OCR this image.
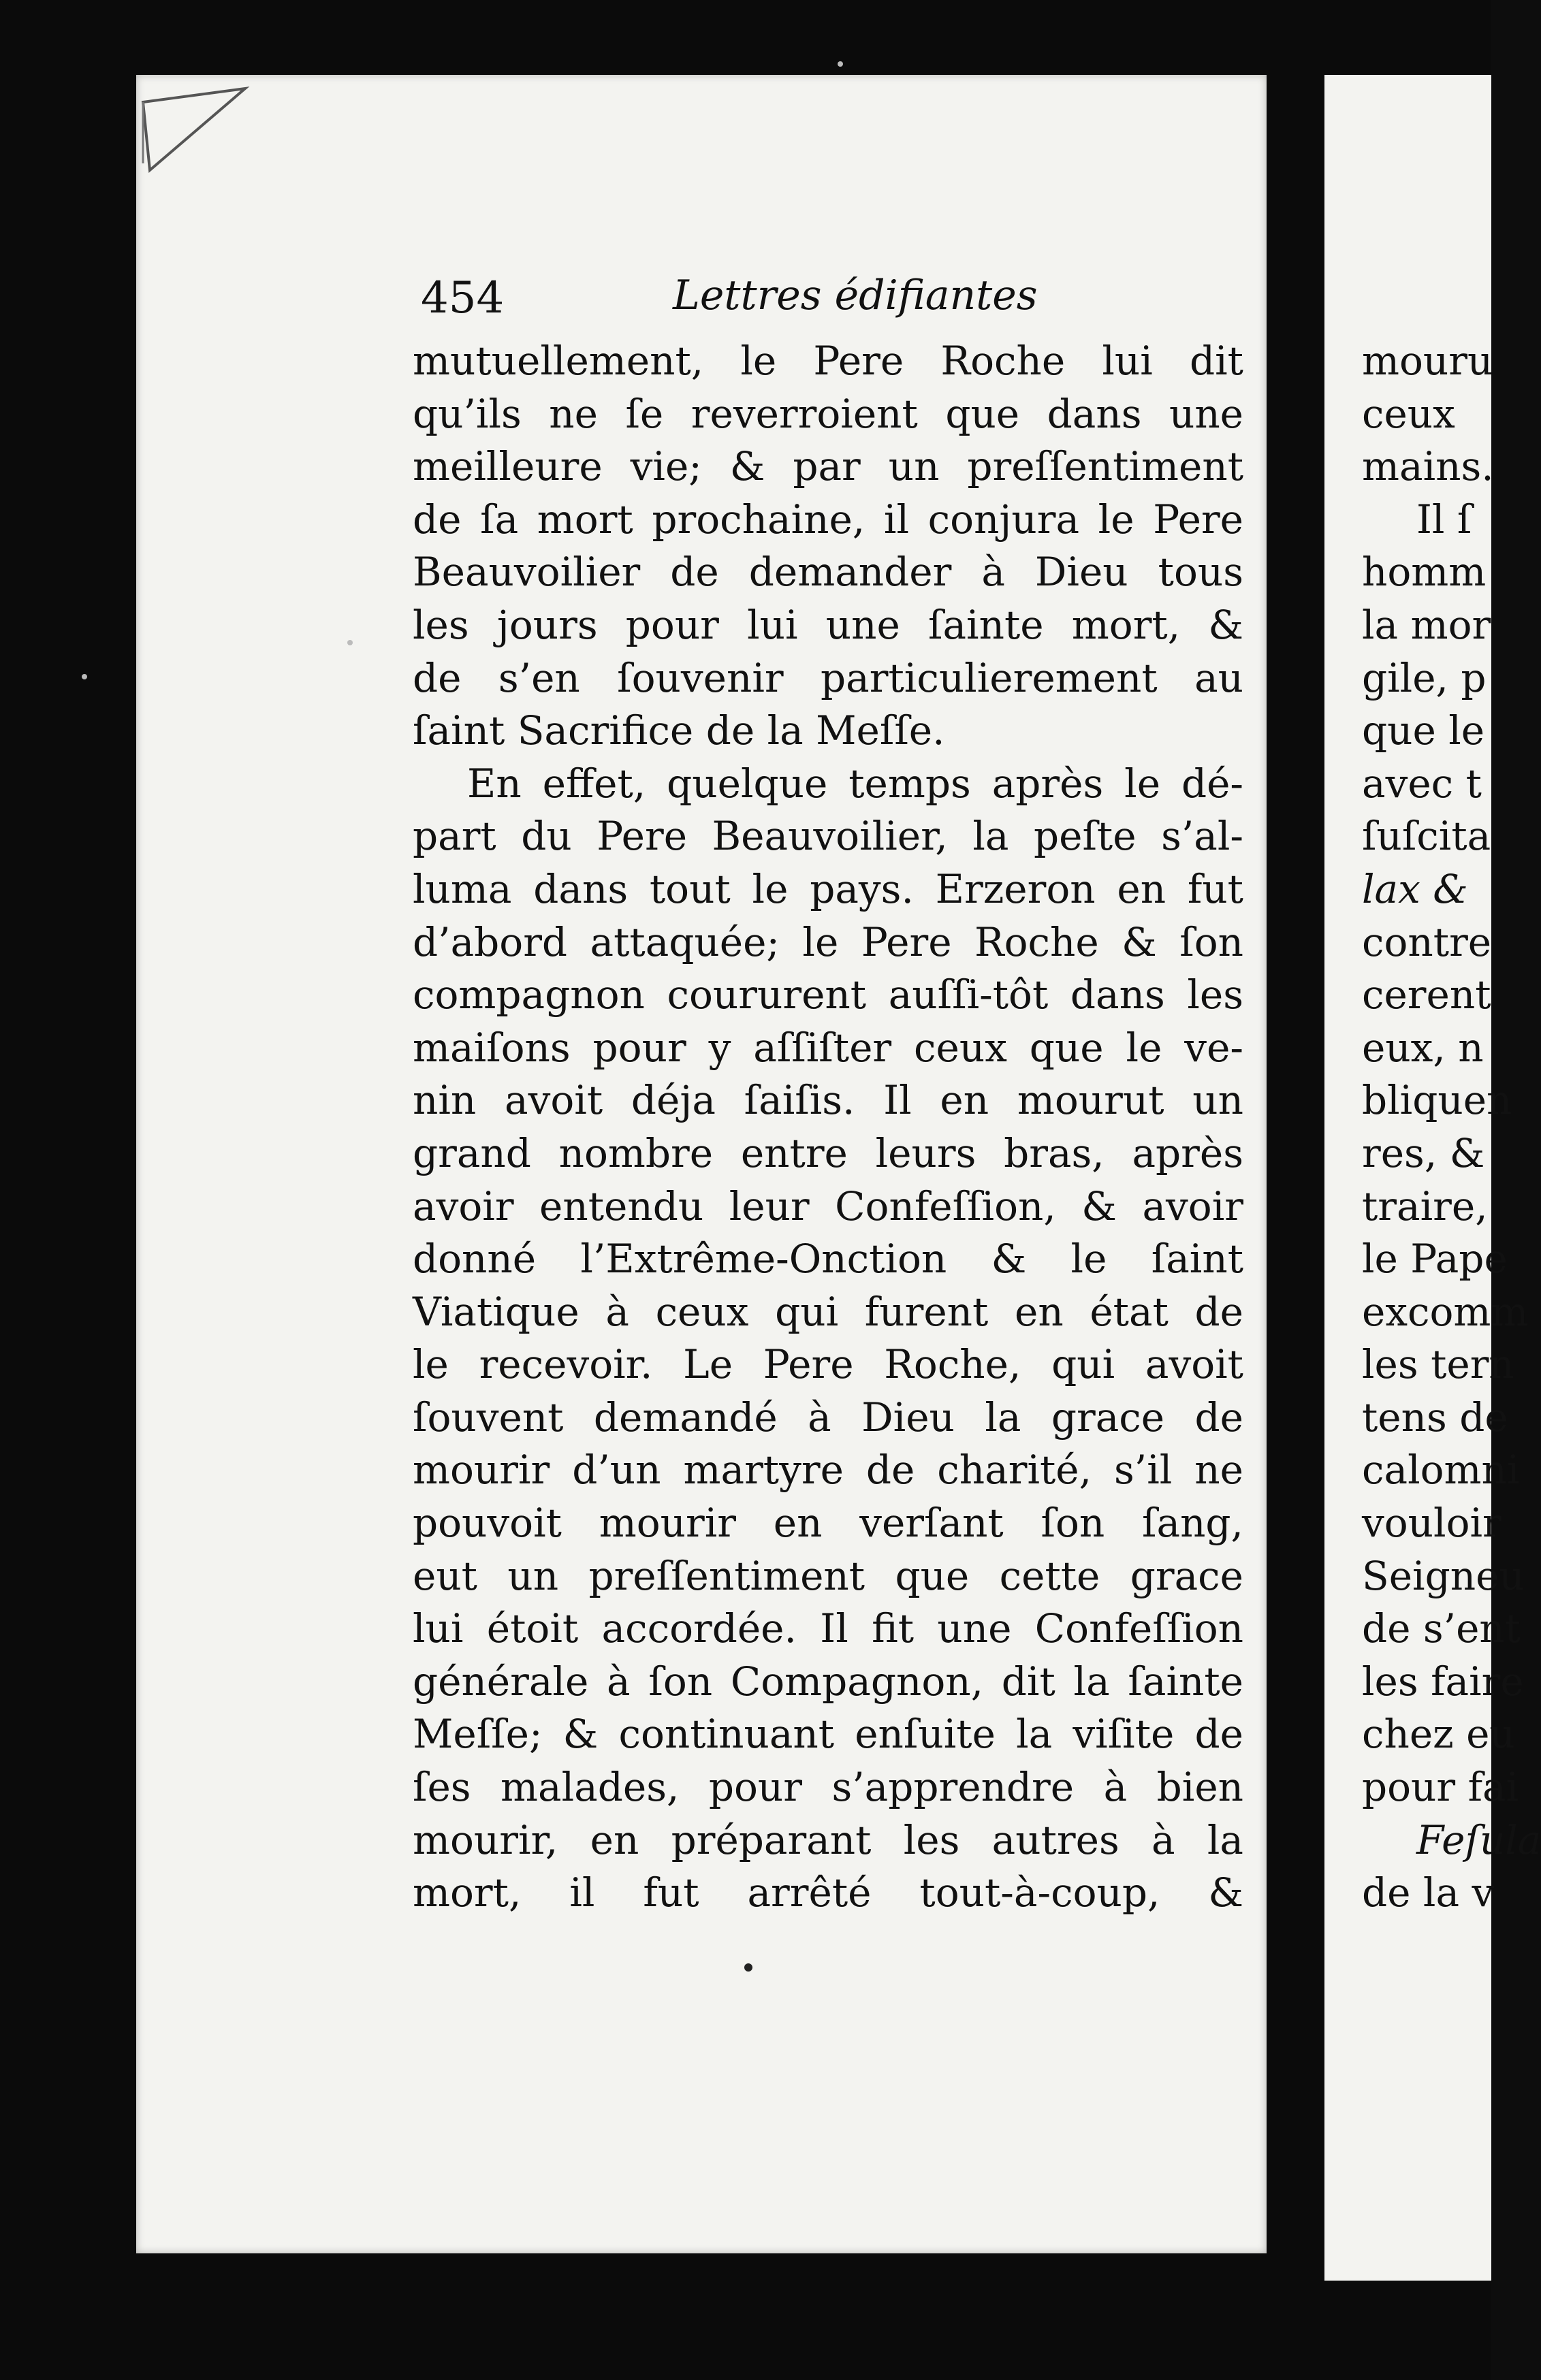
454	Lettres édifiantes
mutuellement, le Pere Roche lui dit
qu’ils ne ſe reverroient que dans une
meilleure vie; & par un preſſentiment
de ſa mort prochaine, il conjura le Pere
Beauvoilier de demander à Dieu tous
les jours pour lui une ſainte mort, &
de s’en ſouvenir particulierement au
ſaint Sacrifice de la Meſſe.
En effet, quelque temps après le dé-
part du Pere Beauvoilier, la peſte s’al-
luma dans tout le pays. Erzeron en fut
d’abord attaquée; le Pere Roche & ſon
compagnon coururent auſſi-tôt dans les
maiſons pour y aſſiſter ceux que le ve-
nin avoit déja ſaiſis. Il en mourut un
grand nombre entre leurs bras, après
avoir entendu leur Confeſſion, & avoir
donné l’Extrême-Onction & le ſaint
Viatique à ceux qui furent en état de
le recevoir. Le Pere Roche, qui avoit
ſouvent demandé à Dieu la grace de
mourir d’un martyre de charité, s’il ne
pouvoit mourir en verſant ſon ſang,
eut un preſſentiment que cette grace
lui étoit accordée. Il fit une Confeſſion
générale à ſon Compagnon, dit la ſainte
Meſſe; & continuant enſuite la viſite de
ſes malades, pour s’apprendre à bien
mourir, en préparant les autres à la
mort, il fut arrêté tout-à-coup, &
mouru
ceux
mains.
Il ſ
homm
la mor
gile, p
que le
avec t
ſuſcita
lax &
contre
cerent
eux, n
bliquen
res, &
traire,
le Pape
excomm
les tern
tens de
calomni
vouloir
Seigneu
de s’ent
les faire
chez eu
pour fai
Feſula
de la v
